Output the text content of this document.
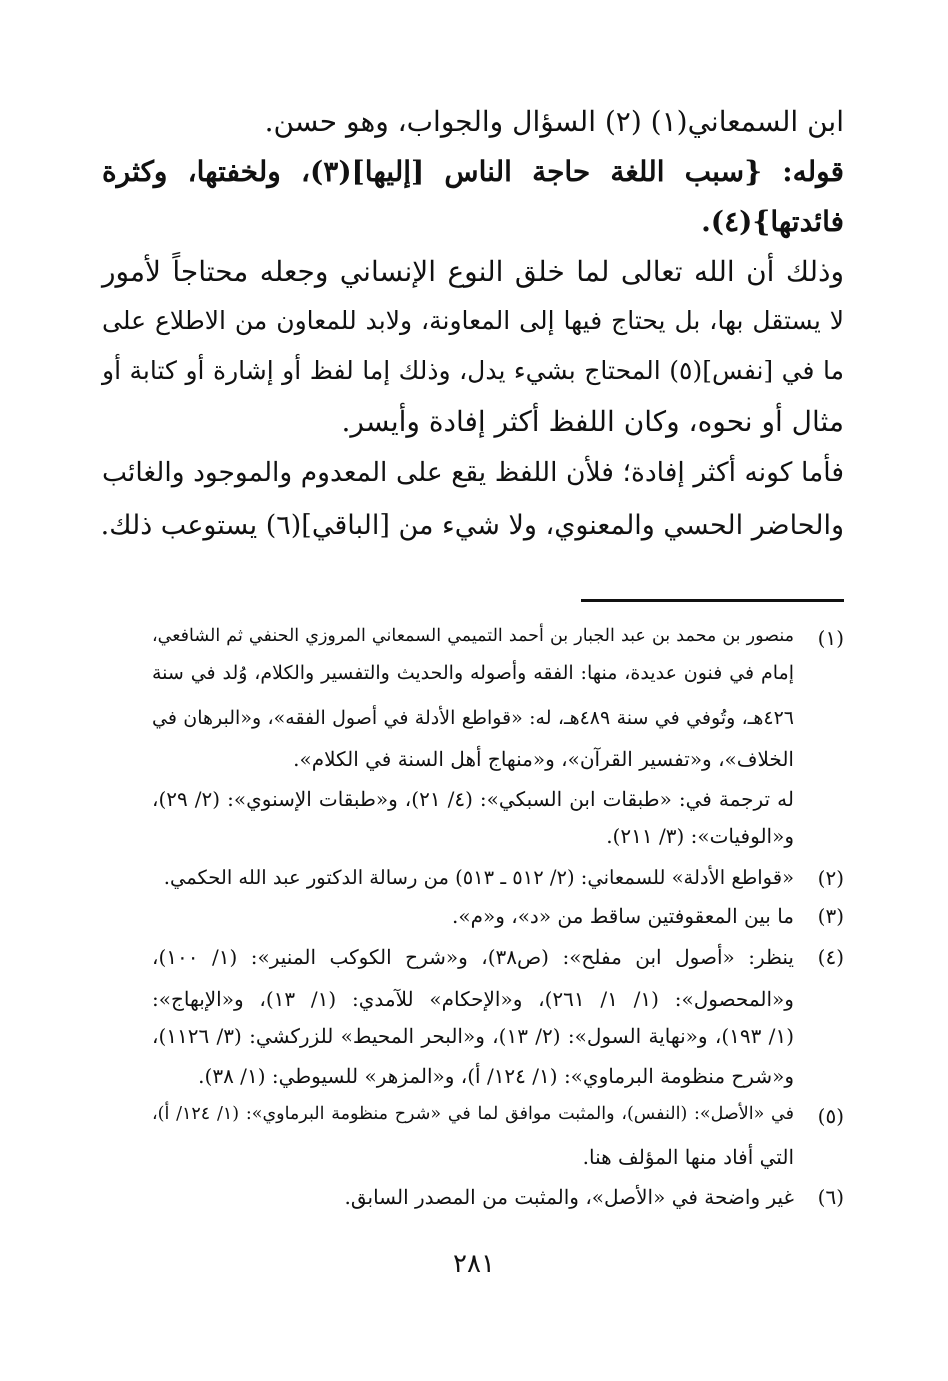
ابن السمعاني(١) (٢) السؤال والجواب، وهو حسن.
قوله: {سبب اللغة حاجة الناس [إليها](٣)، ولخفتها، وكثرة
فائدتها}(٤).
وذلك أن الله تعالى لما خلق النوع الإنساني وجعله محتاجاً لأمور
لا يستقل بها، بل يحتاج فيها إلى المعاونة، ولابد للمعاون من الاطلاع على
ما في [نفس](٥) المحتاج بشيء يدل، وذلك إما لفظ أو إشارة أو كتابة أو
مثال أو نحوه، وكان اللفظ أكثر إفادة وأيسر.
فأما كونه أكثر إفادة؛ فلأن اللفظ يقع على المعدوم والموجود والغائب
والحاضر الحسي والمعنوي، ولا شيء من [الباقي](٦) يستوعب ذلك.
(١)
منصور بن محمد بن عبد الجبار بن أحمد التميمي السمعاني المروزي الحنفي ثم الشافعي،
إمام في فنون عديدة، منها: الفقه وأصوله والحديث والتفسير والكلام، وُلد في سنة
٤٢٦هـ، وتُوفي في سنة ٤٨٩هـ، له: «قواطع الأدلة في أصول الفقه»، و«البرهان في
الخلاف»، و«تفسير القرآن»، و«منهاج أهل السنة في الكلام».
له ترجمة في: «طبقات ابن السبكي»: (٤/ ٢١)، و«طبقات الإسنوي»: (٢/ ٢٩)،
و«الوفيات»: (٣/ ٢١١).
(٢)
«قواطع الأدلة» للسمعاني: (٢/ ٥١٢ ـ ٥١٣) من رسالة الدكتور عبد الله الحكمي.
(٣)
ما بين المعقوفتين ساقط من «د»، و«م».
(٤)
ينظر: «أصول ابن مفلح»: (ص٣٨)، و«شرح الكوكب المنير»: (١/ ١٠٠)،
و«المحصول»: (١/ ١/ ٢٦١)، و«الإحكام» للآمدي: (١/ ١٣)، و«الإبهاج»:
(١/ ١٩٣)، و«نهاية السول»: (٢/ ١٣)، و«البحر المحيط» للزركشي: (٣/ ١١٢٦)،
و«شرح منظومة البرماوي»: (١/ ١٢٤/ أ)، و«المزهر» للسيوطي: (١/ ٣٨).
(٥)
في «الأصل»: (النفس)، والمثبت موافق لما في «شرح منظومة البرماوي»: (١/ ١٢٤/ أ)،
التي أفاد منها المؤلف هنا.
(٦)
غير واضحة في «الأصل»، والمثبت من المصدر السابق.
٢٨١
